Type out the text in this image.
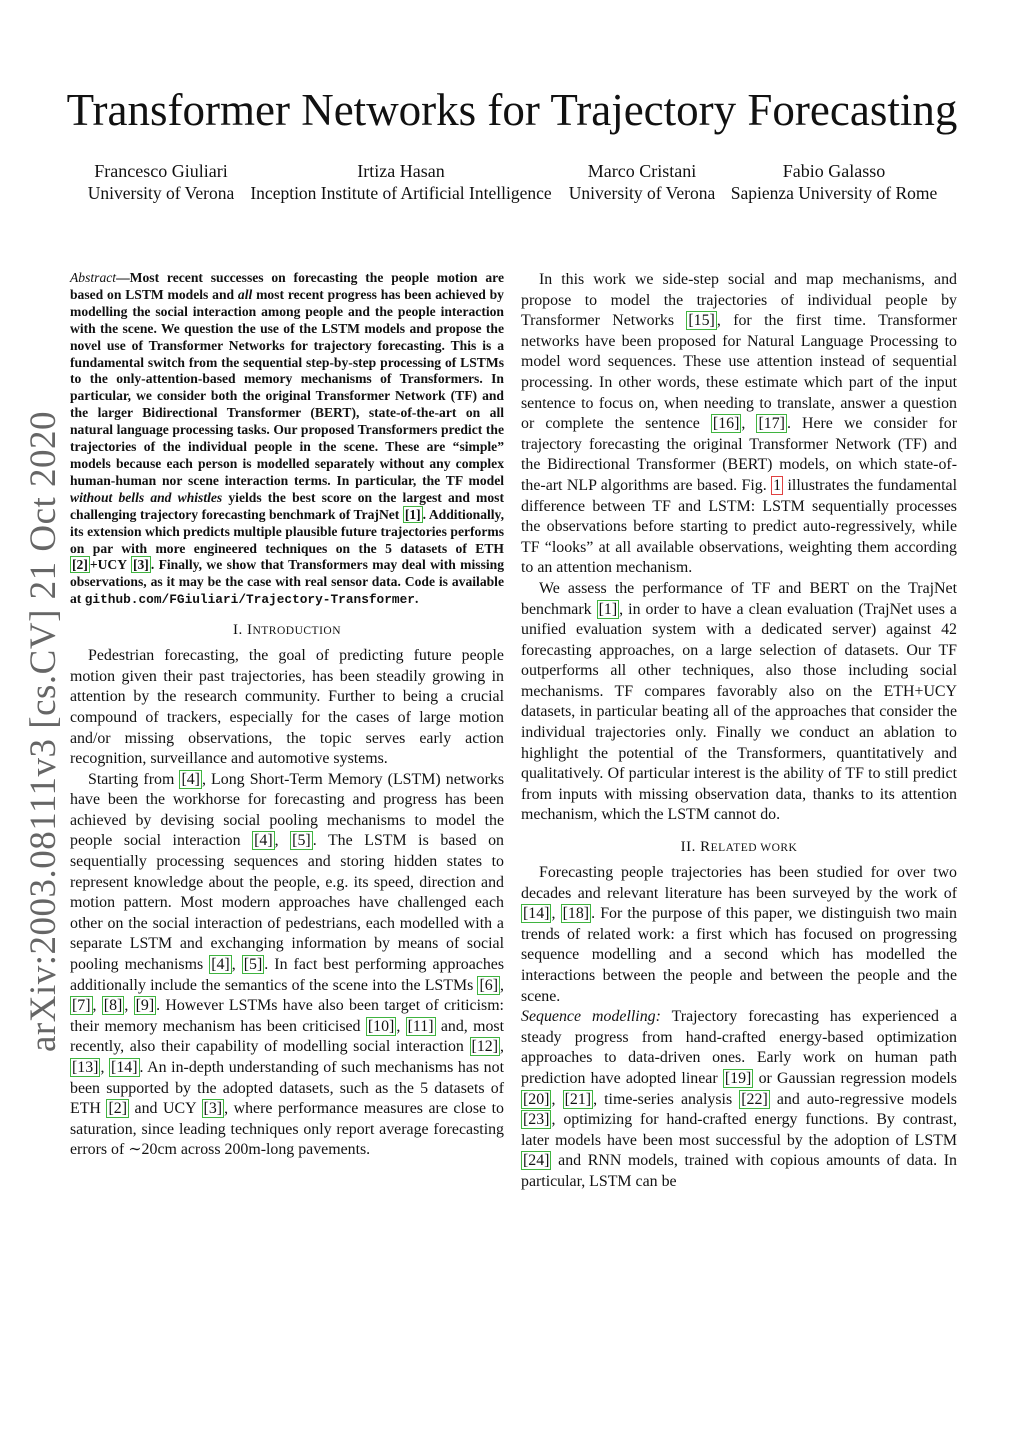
Transformer Networks for Trajectory Forecasting
Francesco Giuliari
University of Verona
Irtiza Hasan
Inception Institute of Artificial Intelligence
Marco Cristani
University of Verona
Fabio Galasso
Sapienza University of Rome
arXiv:2003.08111v3 [cs.CV] 21 Oct 2020

Abstract—Most recent successes on forecasting the people motion are based on LSTM models and all most recent progress has been achieved by modelling the social interaction among people and the people interaction with the scene. We question the use of the LSTM models and propose the novel use of Transformer Networks for trajectory forecasting. This is a fundamental switch from the sequential step-by-step processing of LSTMs to the only-attention-based memory mechanisms of Transformers. In particular, we consider both the original Transformer Network (TF) and the larger Bidirectional Transformer (BERT), state-of-the-art on all natural language processing tasks. Our proposed Transformers predict the trajectories of the individual people in the scene. These are “simple” models because each person is modelled separately without any complex human-human nor scene interaction terms. In particular, the TF model without bells and whistles yields the best score on the largest and most challenging trajectory forecasting benchmark of TrajNet [1] . Additionally, its extension which predicts multiple plausible future trajectories performs on par with more engineered techniques on the 5 datasets of ETH [2] +UCY [3] . Finally, we show that Transformers may deal with missing observations, as it may be the case with real sensor data. Code is available at github.com/FGiuliari/Trajectory-Transformer.

I. INTRODUCTION

Pedestrian forecasting, the goal of predicting future people motion given their past trajectories, has been steadily growing in attention by the research community. Further to being a crucial compound of trackers, especially for the cases of large motion and/or missing observations, the topic serves early action recognition, surveillance and automotive systems.

Starting from [4] , Long Short-Term Memory (LSTM) networks have been the workhorse for forecasting and progress has been achieved by devising social pooling mechanisms to model the people social interaction [4] , [5] . The LSTM is based on sequentially processing sequences and storing hidden states to represent knowledge about the people, e.g. its speed, direction and motion pattern. Most modern approaches have challenged each other on the social interaction of pedestrians, each modelled with a separate LSTM and exchanging information by means of social pooling mechanisms [4] , [5] . In fact best performing approaches additionally include the semantics of the scene into the LSTMs [6] , [7] , [8] , [9] . However LSTMs have also been target of criticism: their memory mechanism has been criticised [10] , [11] and, most recently, also their capability of modelling social interaction [12] , [13] , [14] . An in-depth understanding of such mechanisms has not been supported by the adopted datasets, such as the 5 datasets of ETH [2] and UCY [3] , where performance measures are close to saturation, since leading techniques only report average forecasting errors of ∼20cm across 200m-long pavements.

In this work we side-step social and map mechanisms, and propose to model the trajectories of individual people by Transformer Networks [15] , for the first time. Transformer networks have been proposed for Natural Language Processing to model word sequences. These use attention instead of sequential processing. In other words, these estimate which part of the input sentence to focus on, when needing to translate, answer a question or complete the sentence [16] , [17] . Here we consider for trajectory forecasting the original Transformer Network (TF) and the Bidirectional Transformer (BERT) models, on which state-of-the-art NLP algorithms are based. Fig. 1 illustrates the fundamental difference between TF and LSTM: LSTM sequentially processes the observations before starting to predict auto-regressively, while TF “looks” at all available observations, weighting them according to an attention mechanism.

We assess the performance of TF and BERT on the TrajNet benchmark [1] , in order to have a clean evaluation (TrajNet uses a unified evaluation system with a dedicated server) against 42 forecasting approaches, on a large selection of datasets. Our TF outperforms all other techniques, also those including social mechanisms. TF compares favorably also on the ETH+UCY datasets, in particular beating all of the approaches that consider the individual trajectories only. Finally we conduct an ablation to highlight the potential of the Transformers, quantitatively and qualitatively. Of particular interest is the ability of TF to still predict from inputs with missing observation data, thanks to its attention mechanism, which the LSTM cannot do.

II. RELATED WORK

Forecasting people trajectories has been studied for over two decades and relevant literature has been surveyed by the work of [14] , [18] . For the purpose of this paper, we distinguish two main trends of related work: a first which has focused on progressing sequence modelling and a second which has modelled the interactions between the people and between the people and the scene.

Sequence modelling: Trajectory forecasting has experienced a steady progress from hand-crafted energy-based optimization approaches to data-driven ones. Early work on human path prediction have adopted linear [19] or Gaussian regression models [20] , [21] , time-series analysis [22] and auto-regressive models [23] , optimizing for hand-crafted energy functions. By contrast, later models have been most successful by the adoption of LSTM [24] and RNN models, trained with copious amounts of data. In particular, LSTM can be
